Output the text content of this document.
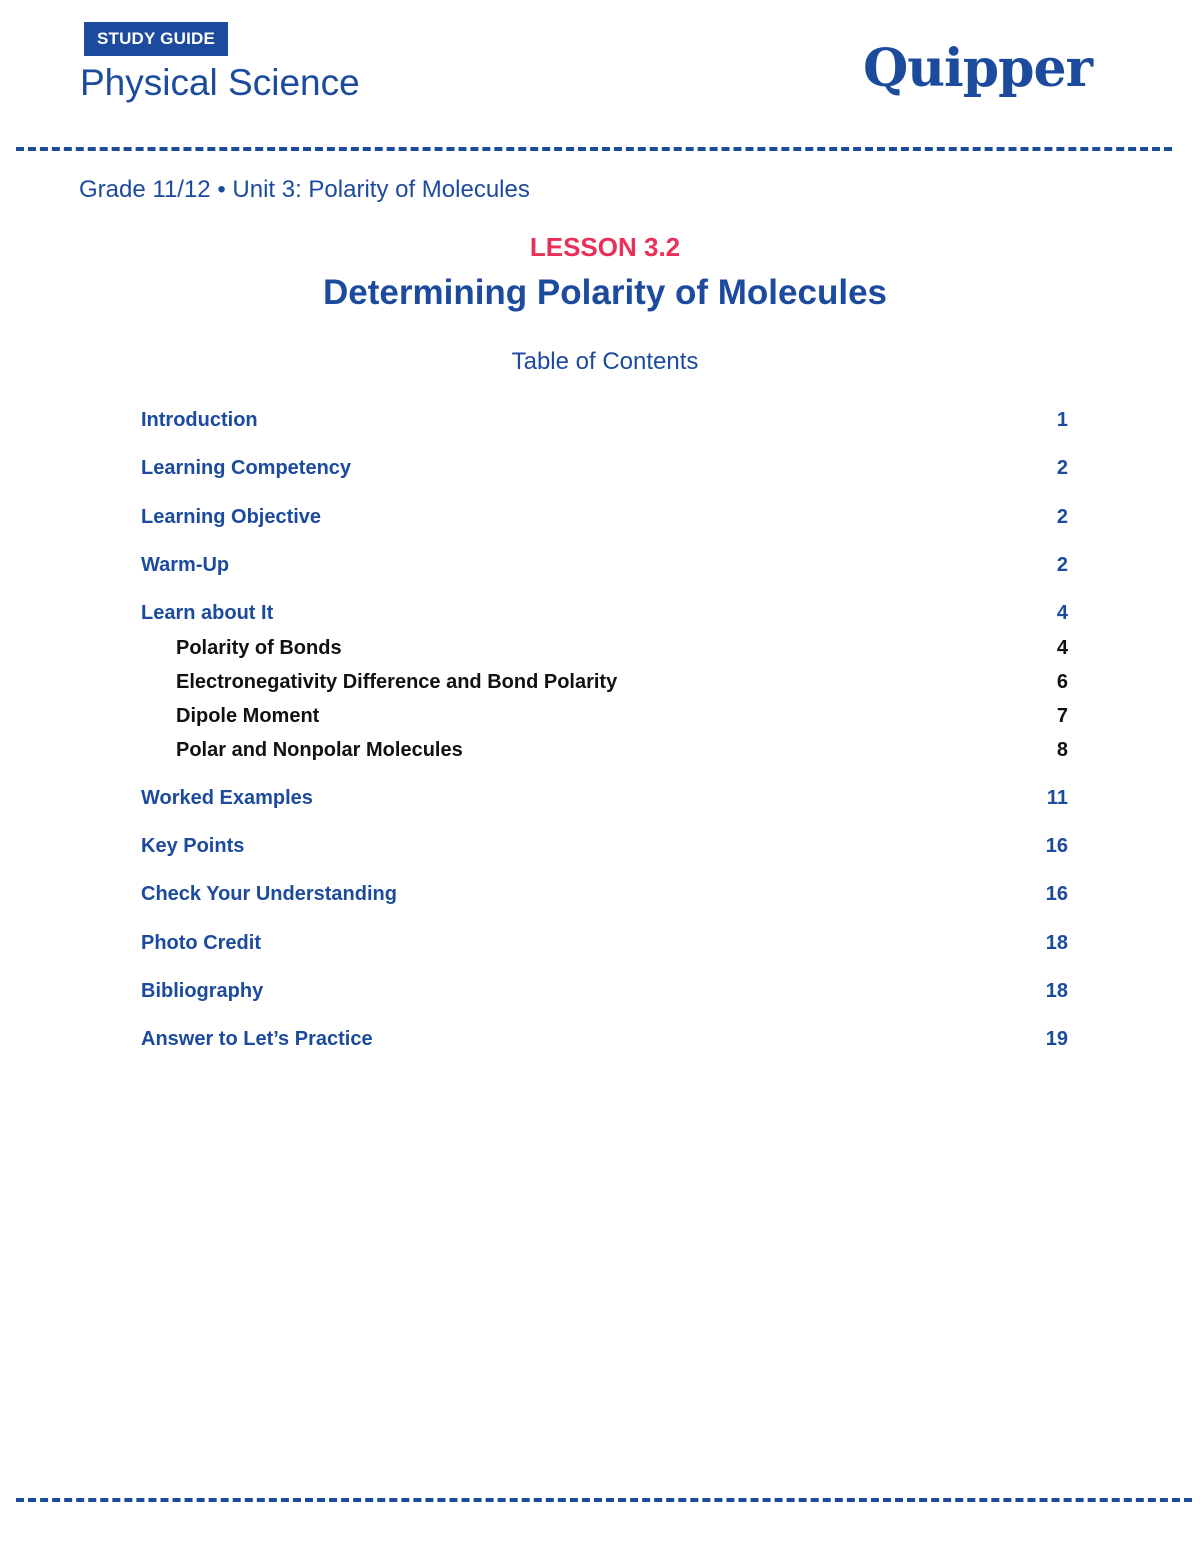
STUDY GUIDE
Physical Science	Quipper
Grade 11/12 • Unit 3: Polarity of Molecules
LESSON 3.2
Determining Polarity of Molecules
Table of Contents
Introduction	1
Learning Competency	2
Learning Objective	2
Warm-Up	2
Learn about It	4
Polarity of Bonds	4
Electronegativity Difference and Bond Polarity	6
Dipole Moment	7
Polar and Nonpolar Molecules	8
Worked Examples	11
Key Points	16
Check Your Understanding	16
Photo Credit	18
Bibliography	18
Answer to Let’s Practice	19
